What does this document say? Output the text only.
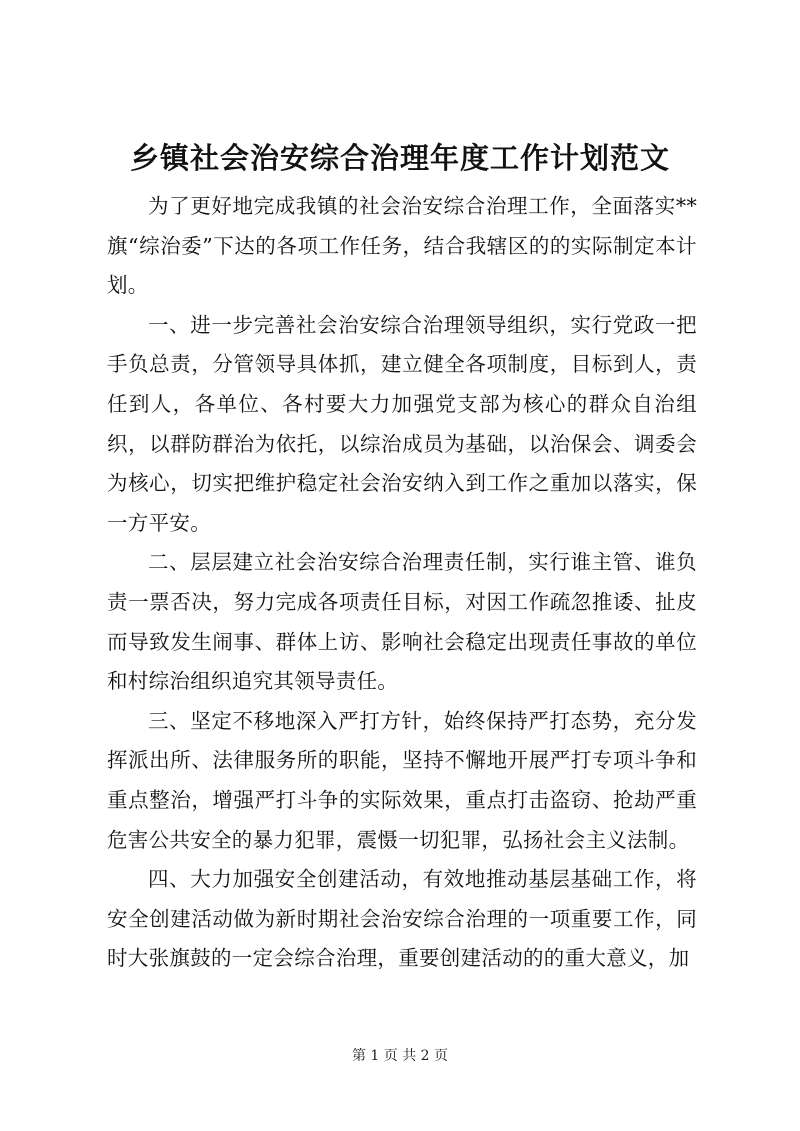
乡镇社会治安综合治理年度工作计划范文

为了更好地完成我镇的社会治安综合治理工作，全面落实**旗“综治委”下达的各项工作任务，结合我辖区的的实际制定本计划。

一、进一步完善社会治安综合治理领导组织，实行党政一把手负总责，分管领导具体抓，建立健全各项制度，目标到人，责任到人，各单位、各村要大力加强党支部为核心的群众自治组织，以群防群治为依托，以综治成员为基础，以治保会、调委会为核心，切实把维护稳定社会治安纳入到工作之重加以落实，保一方平安。

二、层层建立社会治安综合治理责任制，实行谁主管、谁负责一票否决，努力完成各项责任目标，对因工作疏忽推诿、扯皮而导致发生闹事、群体上访、影响社会稳定出现责任事故的单位和村综治组织追究其领导责任。

三、坚定不移地深入严打方针，始终保持严打态势，充分发挥派出所、法律服务所的职能，坚持不懈地开展严打专项斗争和重点整治，增强严打斗争的实际效果，重点打击盗窃、抢劫严重危害公共安全的暴力犯罪，震慑一切犯罪，弘扬社会主义法制。

四、大力加强安全创建活动，有效地推动基层基础工作，将安全创建活动做为新时期社会治安综合治理的一项重要工作，同时大张旗鼓的一定会综合治理，重要创建活动的的重大意义，加

第 1 页 共 2 页
